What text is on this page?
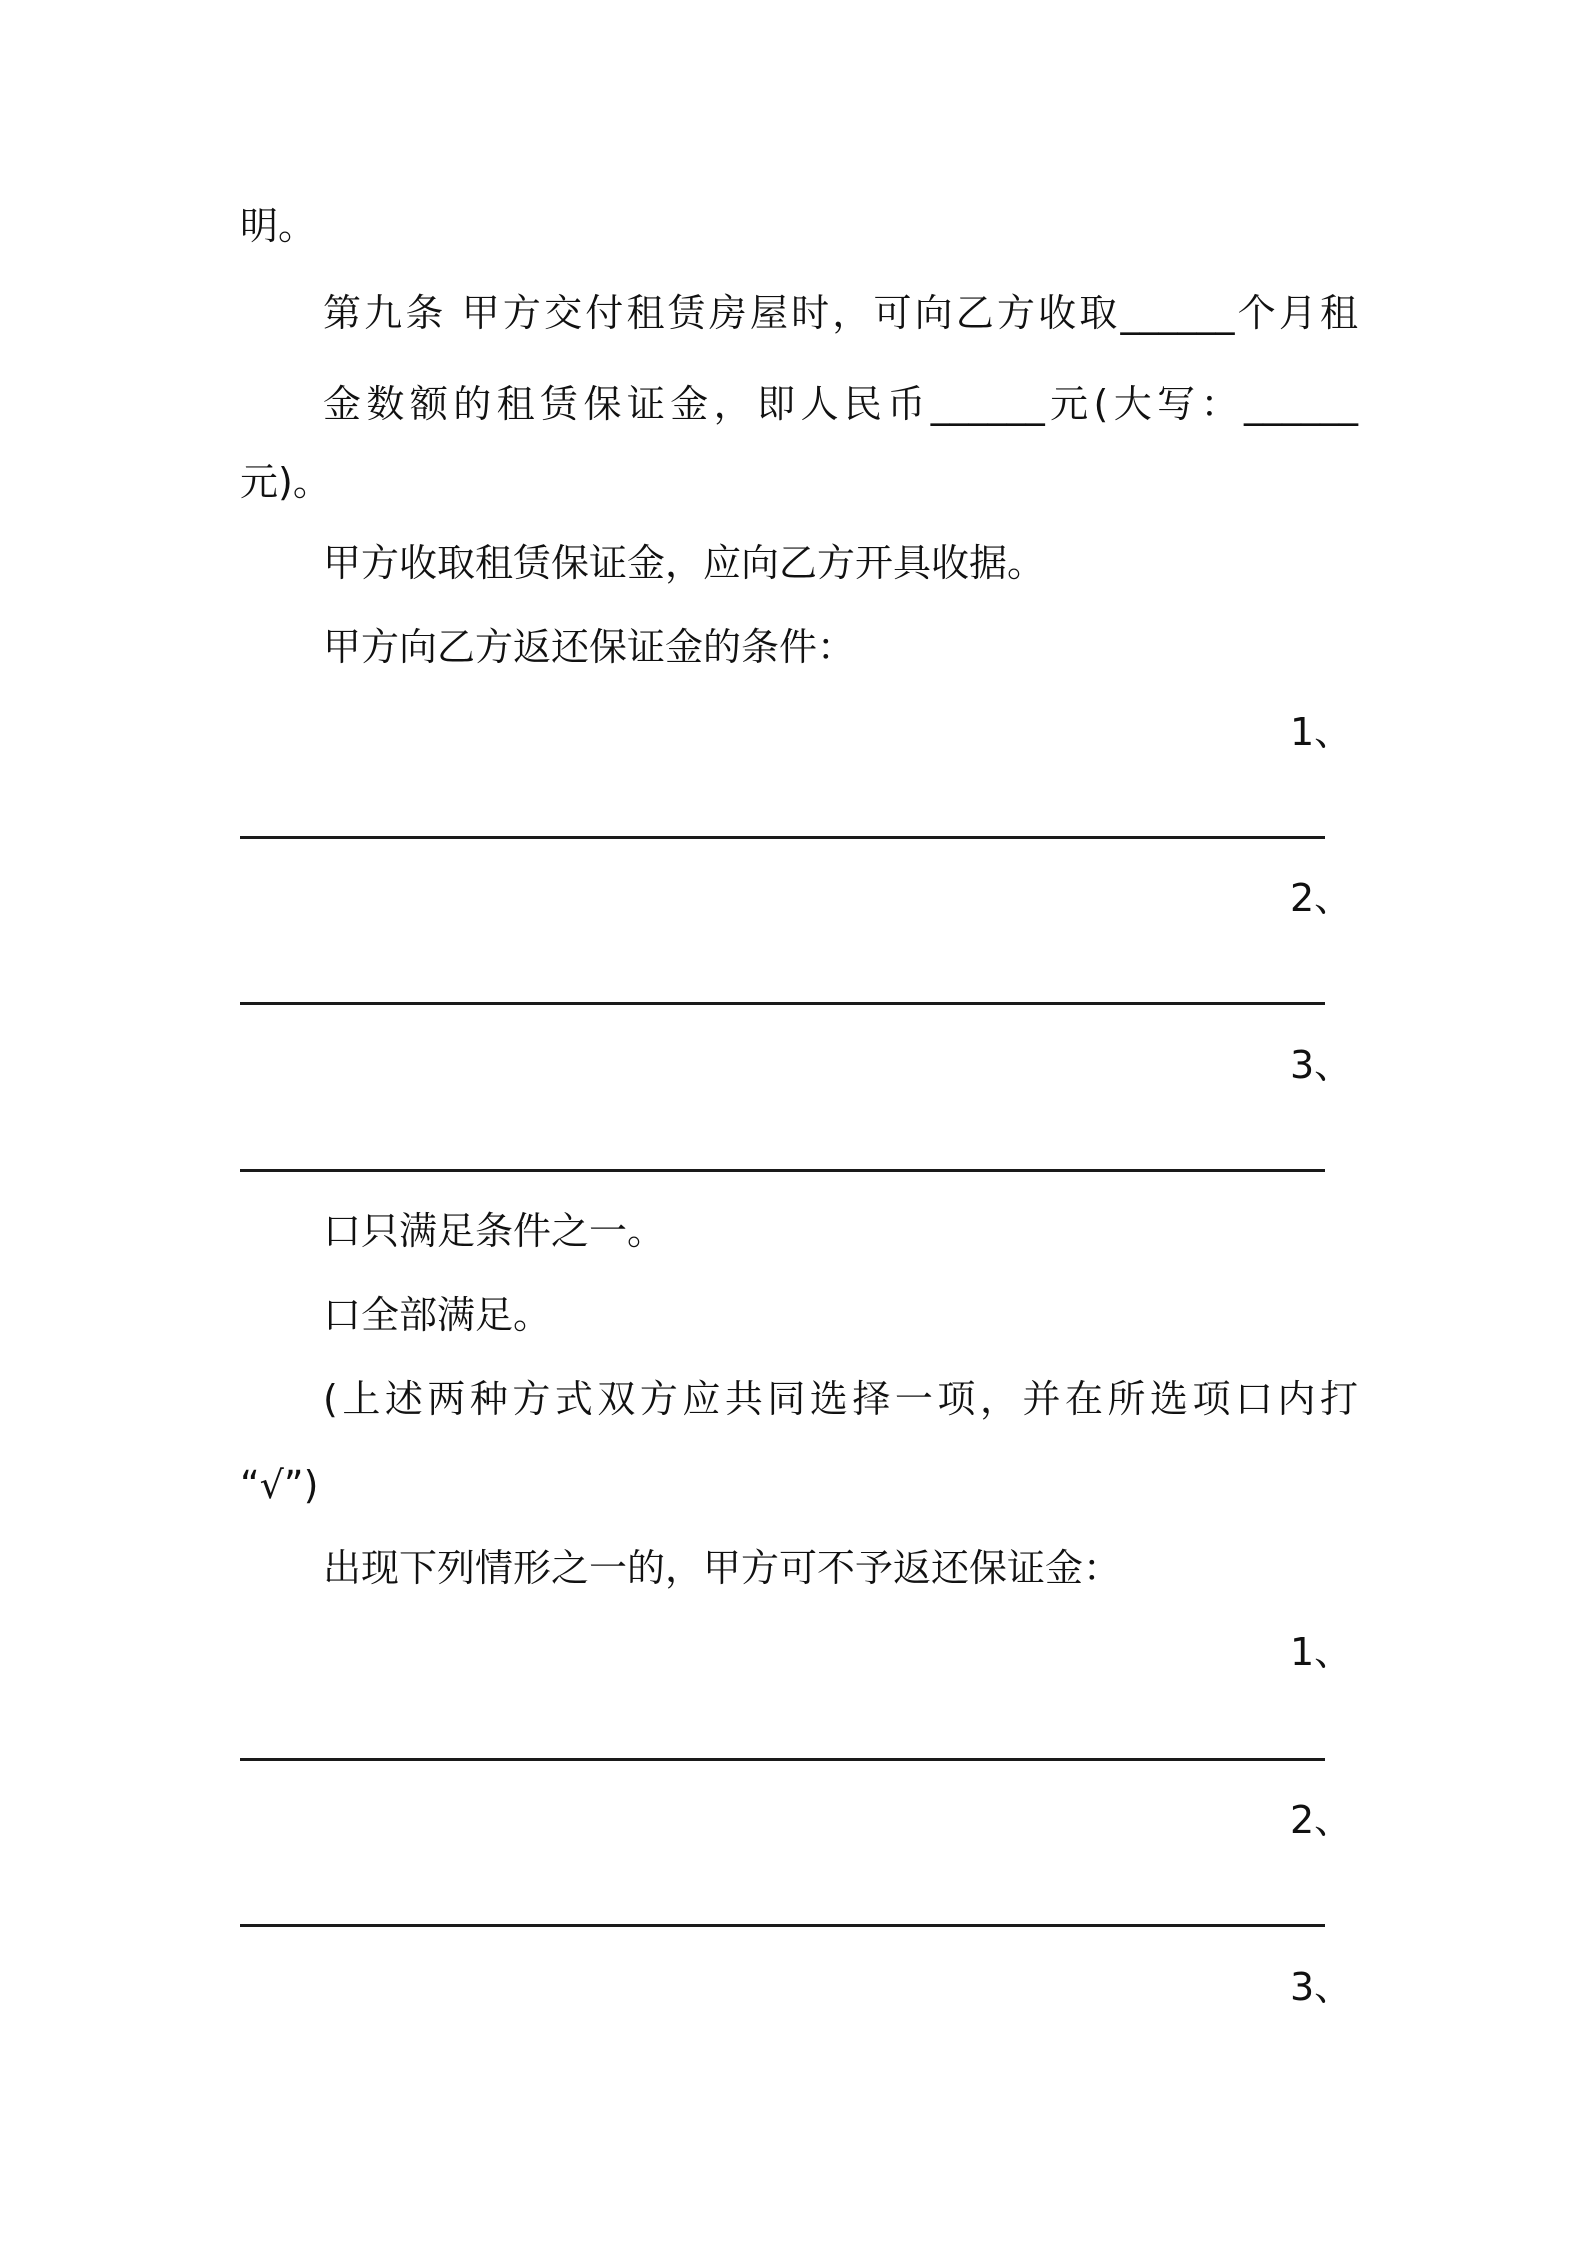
明。
第九条 甲方交付租赁房屋时，可向乙方收取______个月租
金数额的租赁保证金，即人民币______元(大写：______
元)。
甲方收取租赁保证金，应向乙方开具收据。
甲方向乙方返还保证金的条件：
1、
2、
3、
口只满足条件之一。
口全部满足。
(上述两种方式双方应共同选择一项，并在所选项口内打
“√”)
出现下列情形之一的，甲方可不予返还保证金：
1、
2、
3、
